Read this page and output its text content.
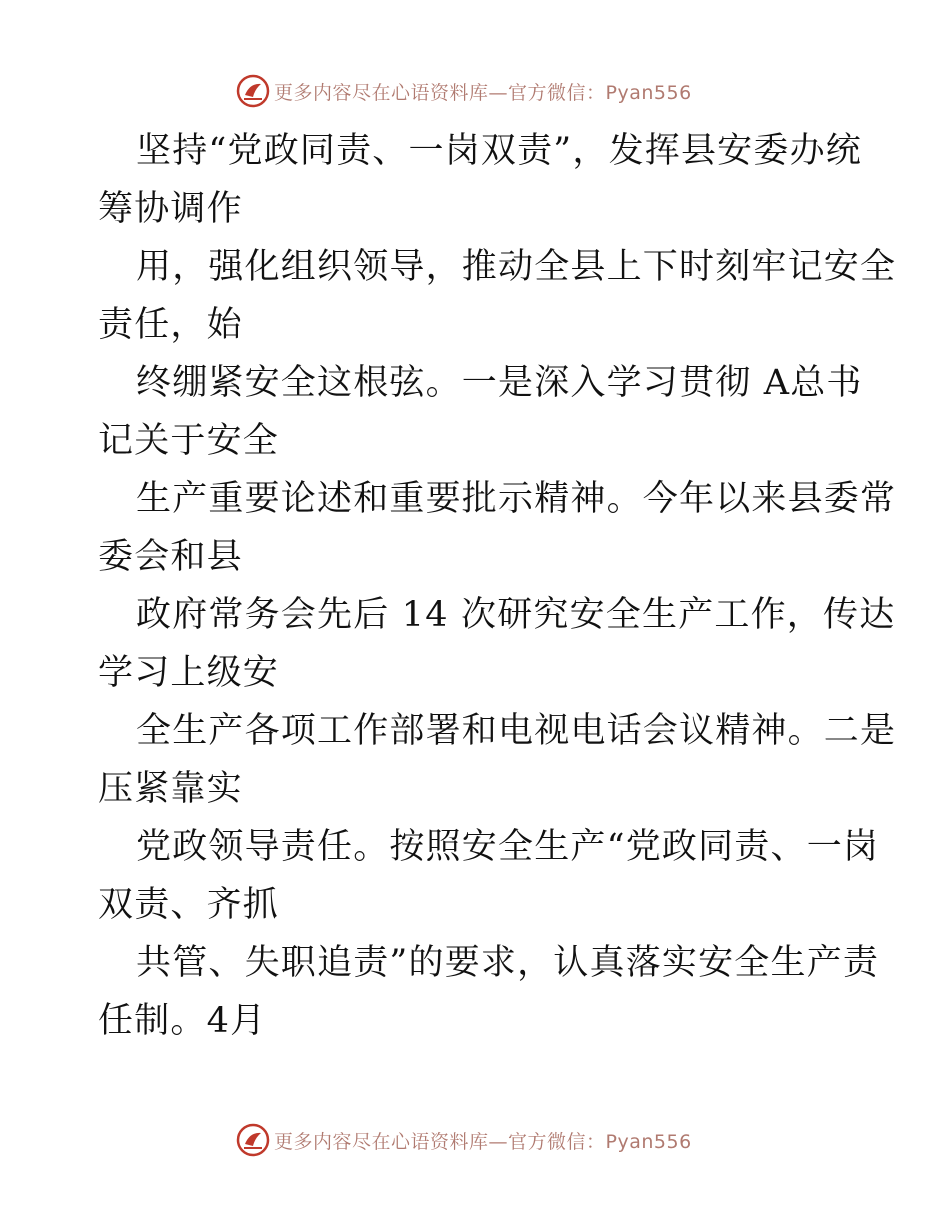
更多内容尽在心语资料库—官方微信：Pyan556
坚持“党政同责、一岗双责”，发挥县安委办统
筹协调作
用，强化组织领导，推动全县上下时刻牢记安全
责任，始
终绷紧安全这根弦。一是深入学习贯彻 A总书
记关于安全
生产重要论述和重要批示精神。今年以来县委常
委会和县
政府常务会先后 14 次研究安全生产工作，传达
学习上级安
全生产各项工作部署和电视电话会议精神。二是
压紧靠实
党政领导责任。按照安全生产“党政同责、一岗
双责、齐抓
共管、失职追责”的要求，认真落实安全生产责
任制。4月
更多内容尽在心语资料库—官方微信：Pyan556
